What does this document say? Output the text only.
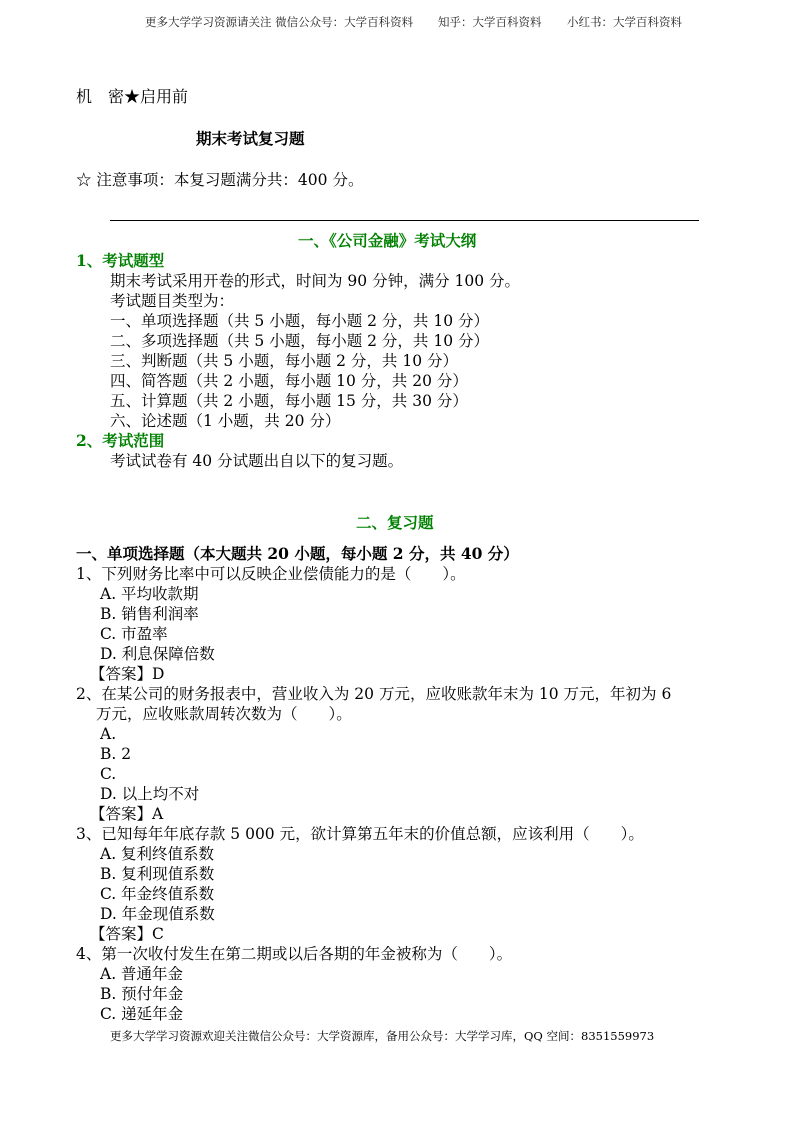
更多大学学习资源请关注 微信公众号：大学百科资料 知乎：大学百科资料 小红书：大学百科资料
机　密★启用前
期末考试复习题
☆ 注意事项：本复习题满分共：400 分。
一、《公司金融》考试大纲
1、考试题型
2、考试范围
考试试卷有 40 分试题出自以下的复习题。
二、复习题
一、单项选择题（本大题共 20 小题，每小题 2 分，共 40 分）
更多大学学习资源欢迎关注微信公众号：大学资源库，备用公众号：大学学习库，QQ 空间：8351559973
期末考试采用开卷的形式，时间为 90 分钟，满分 100 分。
考试题目类型为：
一、单项选择题（共 5 小题，每小题 2 分，共 10 分）
二、多项选择题（共 5 小题，每小题 2 分，共 10 分）
三、判断题（共 5 小题，每小题 2 分，共 10 分）
四、简答题（共 2 小题，每小题 10 分，共 20 分）
五、计算题（共 2 小题，每小题 15 分，共 30 分）
六、论述题（1 小题，共 20 分）
1、下列财务比率中可以反映企业偿债能力的是（　　）。
A. 平均收款期
B. 销售利润率
C. 市盈率
D. 利息保障倍数
【答案】D
2、在某公司的财务报表中，营业收入为 20 万元，应收账款年末为 10 万元，年初为 6
万元，应收账款周转次数为（　　）。
A.
B. 2
C.
D. 以上均不对
【答案】A
3、已知每年年底存款 5 000 元，欲计算第五年末的价值总额，应该利用（　　）。
A. 复利终值系数
B. 复利现值系数
C. 年金终值系数
D. 年金现值系数
【答案】C
4、第一次收付发生在第二期或以后各期的年金被称为（　　）。
A. 普通年金
B. 预付年金
C. 递延年金
